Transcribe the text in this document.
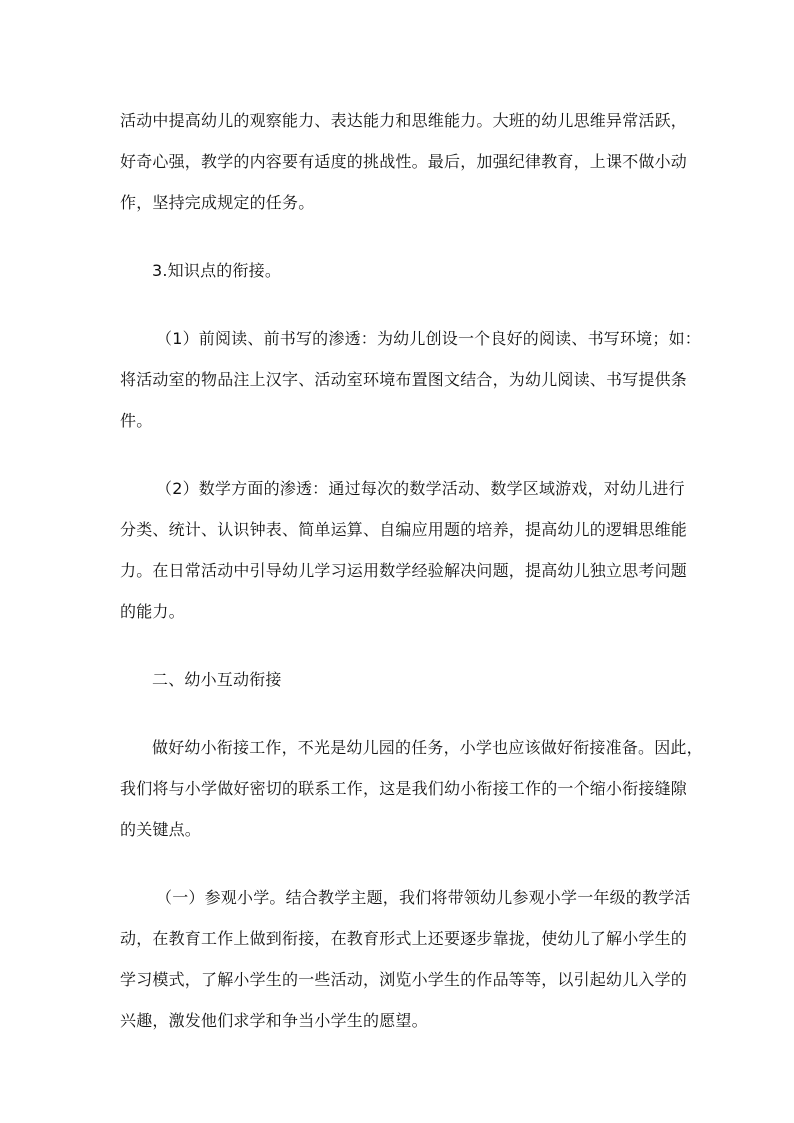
活动中提高幼儿的观察能力、表达能力和思维能力。大班的幼儿思维异常活跃，
好奇心强，教学的内容要有适度的挑战性。最后，加强纪律教育，上课不做小动
作，坚持完成规定的任务。

3.知识点的衔接。

（1）前阅读、前书写的渗透：为幼儿创设一个良好的阅读、书写环境；如：
将活动室的物品注上汉字、活动室环境布置图文结合，为幼儿阅读、书写提供条
件。

（2）数学方面的渗透：通过每次的数学活动、数学区域游戏，对幼儿进行
分类、统计、认识钟表、简单运算、自编应用题的培养，提高幼儿的逻辑思维能
力。在日常活动中引导幼儿学习运用数学经验解决问题，提高幼儿独立思考问题
的能力。

二、幼小互动衔接

做好幼小衔接工作，不光是幼儿园的任务，小学也应该做好衔接准备。因此，
我们将与小学做好密切的联系工作，这是我们幼小衔接工作的一个缩小衔接缝隙
的关键点。

（一）参观小学。结合教学主题，我们将带领幼儿参观小学一年级的教学活
动，在教育工作上做到衔接，在教育形式上还要逐步靠拢，使幼儿了解小学生的
学习模式，了解小学生的一些活动，浏览小学生的作品等等，以引起幼儿入学的
兴趣，激发他们求学和争当小学生的愿望。
